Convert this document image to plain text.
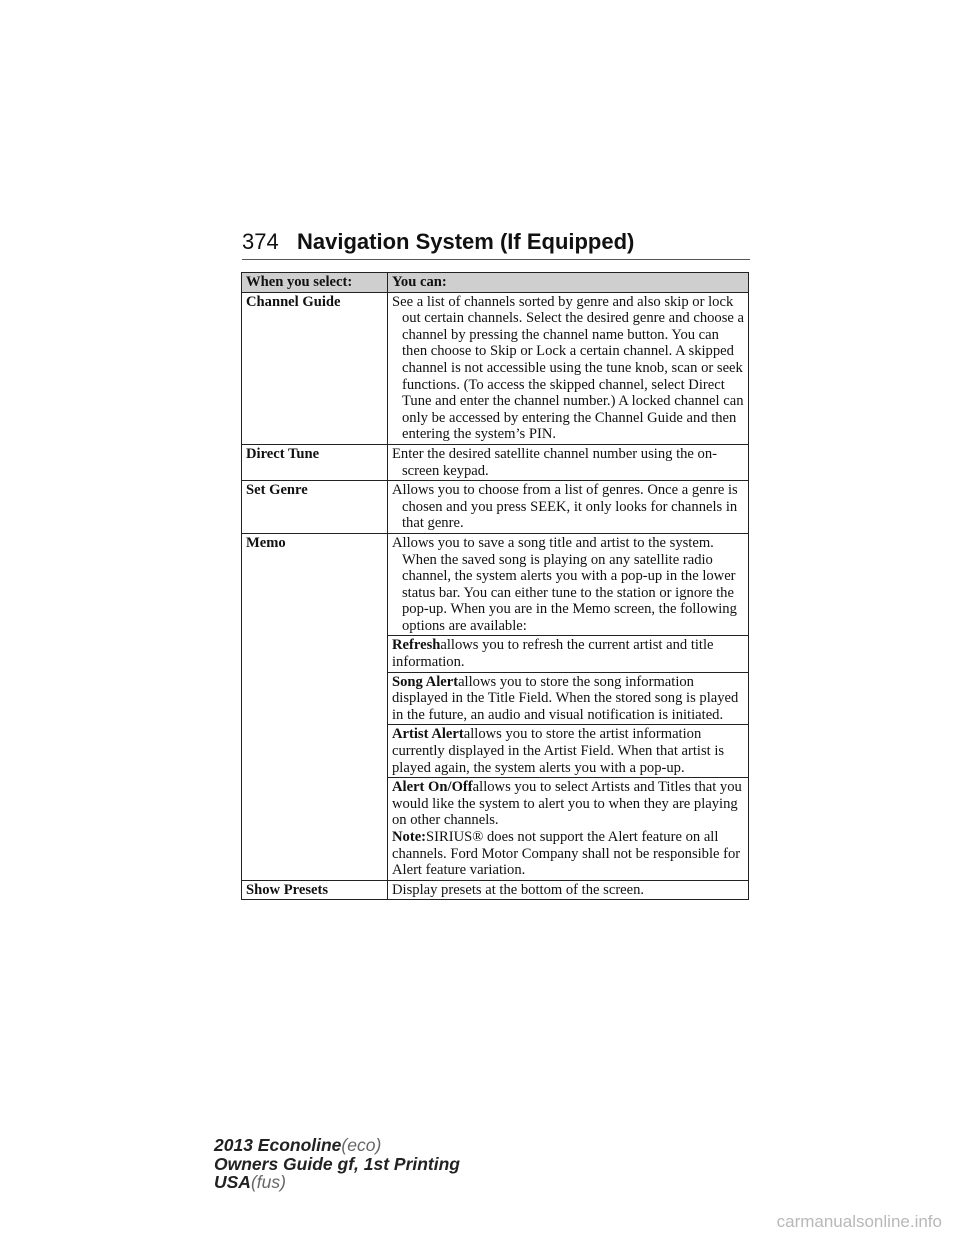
374 Navigation System (If Equipped)
When you select:	You can:
Channel Guide	See a list of channels sorted by genre and also skip or lock out certain channels. Select the desired genre and choose a channel by pressing the channel name button. You can then choose to Skip or Lock a certain channel. A skipped channel is not accessible using the tune knob, scan or seek functions. (To access the skipped channel, select Direct Tune and enter the channel number.) A locked channel can only be accessed by entering the Channel Guide and then entering the system’s PIN.
Direct Tune	Enter the desired satellite channel number using the on-screen keypad.
Set Genre	Allows you to choose from a list of genres. Once a genre is chosen and you press SEEK, it only looks for channels in that genre.
Memo	Allows you to save a song title and artist to the system. When the saved song is playing on any satellite radio channel, the system alerts you with a pop-up in the lower status bar. You can either tune to the station or ignore the pop-up. When you are in the Memo screen, the following options are available:
	Refreshallows you to refresh the current artist and title information.
	Song Alertallows you to store the song information displayed in the Title Field. When the stored song is played in the future, an audio and visual notification is initiated.
	Artist Alertallows you to store the artist information currently displayed in the Artist Field. When that artist is played again, the system alerts you with a pop-up.
	Alert On/Offallows you to select Artists and Titles that you would like the system to alert you to when they are playing on other channels.
Note:SIRIUS® does not support the Alert feature on all channels. Ford Motor Company shall not be responsible for Alert feature variation.
Show Presets	Display presets at the bottom of the screen.
2013 Econoline(eco)
Owners Guide gf, 1st Printing
USA(fus)
carmanualsonline.info
